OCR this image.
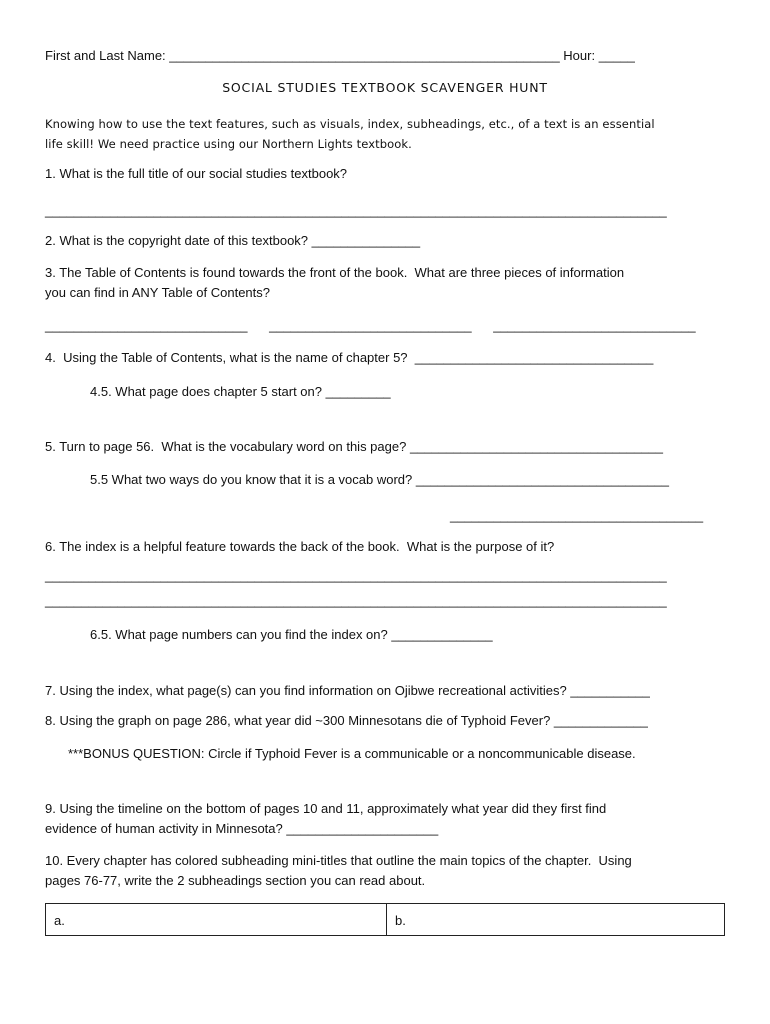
First and Last Name: ______________________________________________________ Hour: _____
SOCIAL STUDIES TEXTBOOK SCAVENGER HUNT
Knowing how to use the text features, such as visuals, index, subheadings, etc., of a text is an essential
life skill! We need practice using our Northern Lights textbook.
1. What is the full title of our social studies textbook?
______________________________________________________________________________________
2. What is the copyright date of this textbook? _______________
3. The Table of Contents is found towards the front of the book.  What are three pieces of information
you can find in ANY Table of Contents?
____________________________      ____________________________      ____________________________
4.  Using the Table of Contents, what is the name of chapter 5?  _________________________________
4.5. What page does chapter 5 start on? _________
5. Turn to page 56.  What is the vocabulary word on this page? ___________________________________
5.5 What two ways do you know that it is a vocab word? ___________________________________
___________________________________
6. The index is a helpful feature towards the back of the book.  What is the purpose of it?
______________________________________________________________________________________
______________________________________________________________________________________
6.5. What page numbers can you find the index on? ______________
7. Using the index, what page(s) can you find information on Ojibwe recreational activities? ___________
8. Using the graph on page 286, what year did ~300 Minnesotans die of Typhoid Fever? _____________
***BONUS QUESTION: Circle if Typhoid Fever is a communicable or a noncommunicable disease.
9. Using the timeline on the bottom of pages 10 and 11, approximately what year did they first find
evidence of human activity in Minnesota? _____________________
10. Every chapter has colored subheading mini-titles that outline the main topics of the chapter.  Using
pages 76-77, write the 2 subheadings section you can read about.
a.	b.
